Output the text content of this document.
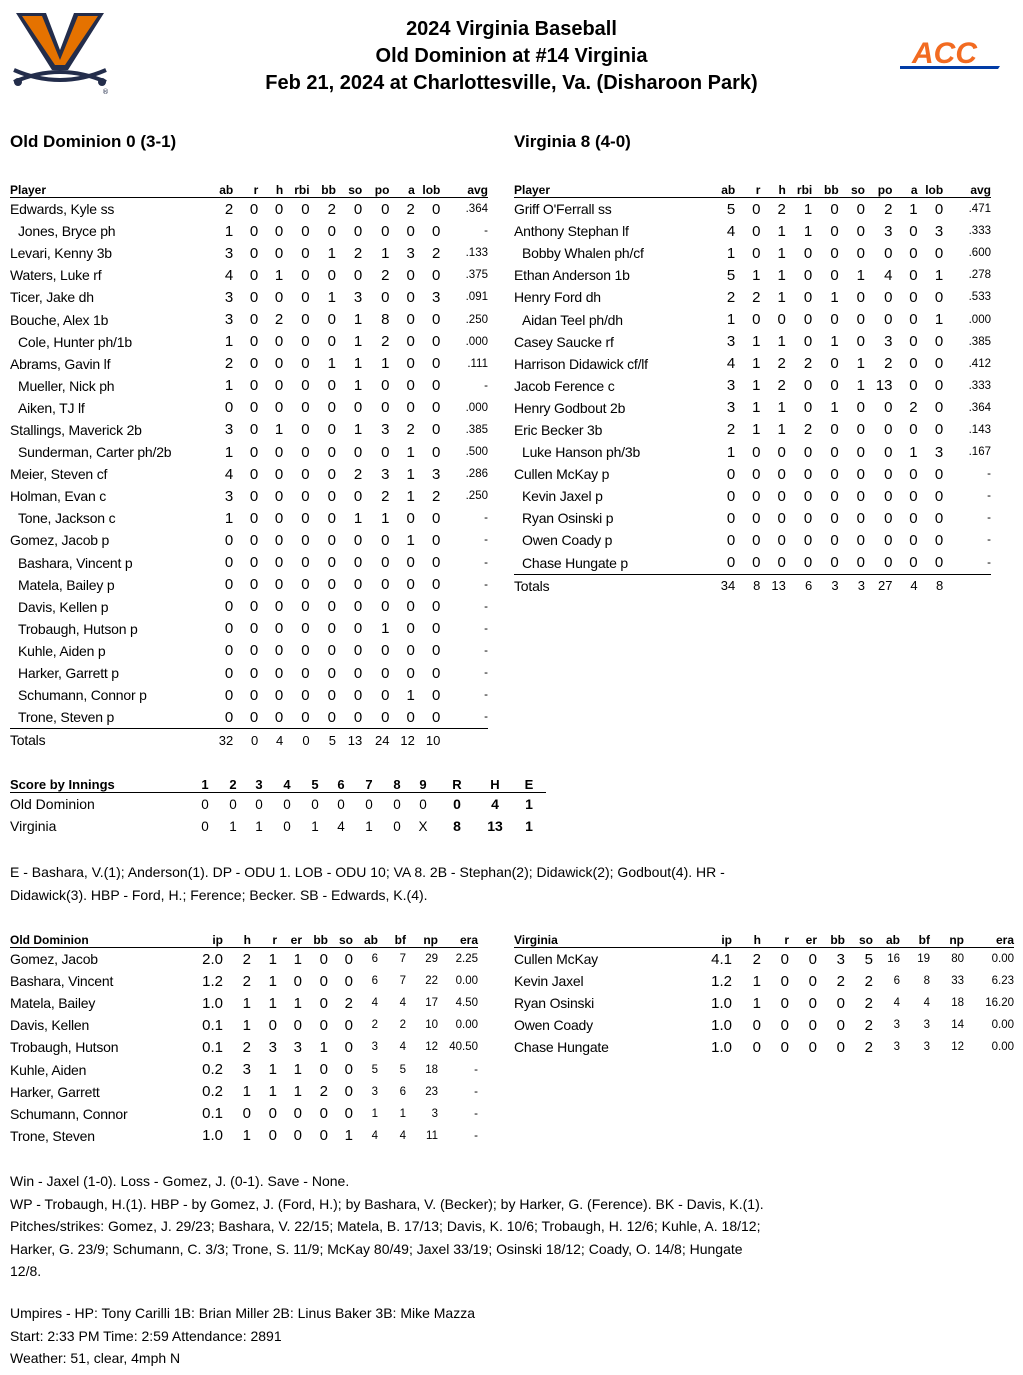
®
2024 Virginia Baseball
Old Dominion at #14 Virginia
Feb 21, 2024 at Charlottesville, Va. (Disharoon Park)
ACC
Old Dominion 0 (3-1)	Virginia 8 (4-0)
Player	ab	r	h	rbi	bb	so	po	a	lob	avg
Edwards, Kyle ss	2	0	0	0	2	0	0	2	0	.364
Jones, Bryce ph	1	0	0	0	0	0	0	0	0	-
Levari, Kenny 3b	3	0	0	0	1	2	1	3	2	.133
Waters, Luke rf	4	0	1	0	0	0	2	0	0	.375
Ticer, Jake dh	3	0	0	0	1	3	0	0	3	.091
Bouche, Alex 1b	3	0	2	0	0	1	8	0	0	.250
Cole, Hunter ph/1b	1	0	0	0	0	1	2	0	0	.000
Abrams, Gavin lf	2	0	0	0	1	1	1	0	0	.111
Mueller, Nick ph	1	0	0	0	0	1	0	0	0	-
Aiken, TJ lf	0	0	0	0	0	0	0	0	0	.000
Stallings, Maverick 2b	3	0	1	0	0	1	3	2	0	.385
Sunderman, Carter ph/2b	1	0	0	0	0	0	0	1	0	.500
Meier, Steven cf	4	0	0	0	0	2	3	1	3	.286
Holman, Evan c	3	0	0	0	0	0	2	1	2	.250
Tone, Jackson c	1	0	0	0	0	1	1	0	0	-
Gomez, Jacob p	0	0	0	0	0	0	0	1	0	-
Bashara, Vincent p	0	0	0	0	0	0	0	0	0	-
Matela, Bailey p	0	0	0	0	0	0	0	0	0	-
Davis, Kellen p	0	0	0	0	0	0	0	0	0	-
Trobaugh, Hutson p	0	0	0	0	0	0	1	0	0	-
Kuhle, Aiden p	0	0	0	0	0	0	0	0	0	-
Harker, Garrett p	0	0	0	0	0	0	0	0	0	-
Schumann, Connor p	0	0	0	0	0	0	0	1	0	-
Trone, Steven p	0	0	0	0	0	0	0	0	0	-
Totals	32	0	4	0	5	13	24	12	10	
Player	ab	r	h	rbi	bb	so	po	a	lob	avg
Griff O'Ferrall ss	5	0	2	1	0	0	2	1	0	.471
Anthony Stephan lf	4	0	1	1	0	0	3	0	3	.333
Bobby Whalen ph/cf	1	0	1	0	0	0	0	0	0	.600
Ethan Anderson 1b	5	1	1	0	0	1	4	0	1	.278
Henry Ford dh	2	2	1	0	1	0	0	0	0	.533
Aidan Teel ph/dh	1	0	0	0	0	0	0	0	1	.000
Casey Saucke rf	3	1	1	0	1	0	3	0	0	.385
Harrison Didawick cf/lf	4	1	2	2	0	1	2	0	0	.412
Jacob Ference c	3	1	2	0	0	1	13	0	0	.333
Henry Godbout 2b	3	1	1	0	1	0	0	2	0	.364
Eric Becker 3b	2	1	1	2	0	0	0	0	0	.143
Luke Hanson ph/3b	1	0	0	0	0	0	0	1	3	.167
Cullen McKay p	0	0	0	0	0	0	0	0	0	-
Kevin Jaxel p	0	0	0	0	0	0	0	0	0	-
Ryan Osinski p	0	0	0	0	0	0	0	0	0	-
Owen Coady p	0	0	0	0	0	0	0	0	0	-
Chase Hungate p	0	0	0	0	0	0	0	0	0	-
Totals	34	8	13	6	3	3	27	4	8	
Score by Innings	1	2	3	4	5	6	7	8	9	R	H	E
Old Dominion	0	0	0	0	0	0	0	0	0	0	4	1
Virginia	0	1	1	0	1	4	1	0	X	8	13	1

E - Bashara, V.(1); Anderson(1). DP - ODU 1. LOB - ODU 10; VA 8. 2B - Stephan(2); Didawick(2); Godbout(4). HR - Didawick(3). HBP - Ford, H.; Ference; Becker. SB - Edwards, K.(4).

Old Dominion	ip	h	r	er	bb	so	ab	bf	np	era
Gomez, Jacob	2.0	2	1	1	0	0	6	7	29	2.25
Bashara, Vincent	1.2	2	1	0	0	0	6	7	22	0.00
Matela, Bailey	1.0	1	1	1	0	2	4	4	17	4.50
Davis, Kellen	0.1	1	0	0	0	0	2	2	10	0.00
Trobaugh, Hutson	0.1	2	3	3	1	0	3	4	12	40.50
Kuhle, Aiden	0.2	3	1	1	0	0	5	5	18	-
Harker, Garrett	0.2	1	1	1	2	0	3	6	23	-
Schumann, Connor	0.1	0	0	0	0	0	1	1	3	-
Trone, Steven	1.0	1	0	0	0	1	4	4	11	-
Virginia	ip	h	r	er	bb	so	ab	bf	np	era
Cullen McKay	4.1	2	0	0	3	5	16	19	80	0.00
Kevin Jaxel	1.2	1	0	0	2	2	6	8	33	6.23
Ryan Osinski	1.0	1	0	0	0	2	4	4	18	16.20
Owen Coady	1.0	0	0	0	0	2	3	3	14	0.00
Chase Hungate	1.0	0	0	0	0	2	3	3	12	0.00

Win - Jaxel (1-0). Loss - Gomez, J. (0-1). Save - None.

WP - Trobaugh, H.(1). HBP - by Gomez, J. (Ford, H.); by Bashara, V. (Becker); by Harker, G. (Ference). BK - Davis, K.(1). Pitches/strikes: Gomez, J. 29/23; Bashara, V. 22/15; Matela, B. 17/13; Davis, K. 10/6; Trobaugh, H. 12/6; Kuhle, A. 18/12; Harker, G. 23/9; Schumann, C. 3/3; Trone, S. 11/9; McKay 80/49; Jaxel 33/19; Osinski 18/12; Coady, O. 14/8; Hungate 12/8.

Umpires - HP: Tony Carilli 1B: Brian Miller 2B: Linus Baker 3B: Mike Mazza

Start: 2:33 PM Time: 2:59 Attendance: 2891

Weather: 51, clear, 4mph N
